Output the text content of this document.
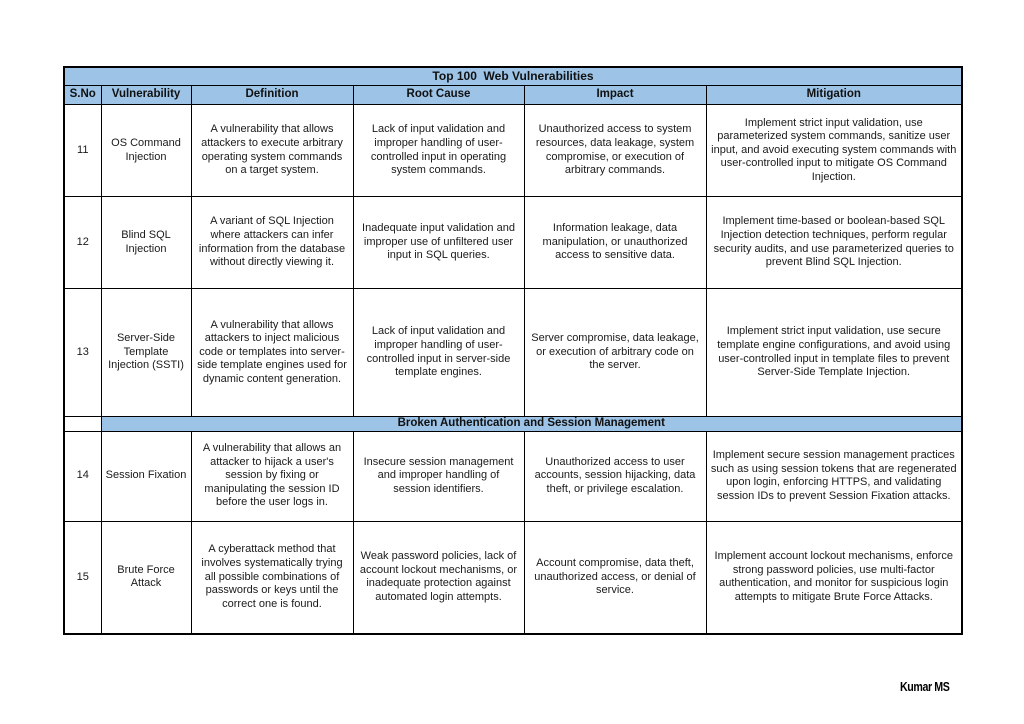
Top 100  Web Vulnerabilities					
S.No	Vulnerability	Definition	Root Cause	Impact	Mitigation
11	OS Command Injection	A vulnerability that allows attackers to execute arbitrary operating system commands on a target system.	Lack of input validation and improper handling of user-controlled input in operating system commands.	Unauthorized access to system resources, data leakage, system compromise, or execution of arbitrary commands.	Implement strict input validation, use parameterized system commands, sanitize user input, and avoid executing system commands with user-controlled input to mitigate OS Command Injection.
12	Blind SQL Injection	A variant of SQL Injection where attackers can infer information from the database without directly viewing it.	Inadequate input validation and improper use of unfiltered user input in SQL queries.	Information leakage, data manipulation, or unauthorized access to sensitive data.	Implement time-based or boolean-based SQL Injection detection techniques, perform regular security audits, and use parameterized queries to prevent Blind SQL Injection.
13	Server-Side Template Injection (SSTI)	A vulnerability that allows attackers to inject malicious code or templates into server-side template engines used for dynamic content generation.	Lack of input validation and improper handling of user-controlled input in server-side template engines.	Server compromise, data leakage, or execution of arbitrary code on the server.	Implement strict input validation, use secure template engine configurations, and avoid using user-controlled input in template files to prevent Server-Side Template Injection.
	Broken Authentication and Session Management				
14	Session Fixation	A vulnerability that allows an attacker to hijack a user's session by fixing or manipulating the session ID before the user logs in.	Insecure session management and improper handling of session identifiers.	Unauthorized access to user accounts, session hijacking, data theft, or privilege escalation.	Implement secure session management practices such as using session tokens that are regenerated upon login, enforcing HTTPS, and validating session IDs to prevent Session Fixation attacks.
15	Brute Force Attack	A cyberattack method that involves systematically trying all possible combinations of passwords or keys until the correct one is found.	Weak password policies, lack of account lockout mechanisms, or inadequate protection against automated login attempts.	Account compromise, data theft, unauthorized access, or denial of service.	Implement account lockout mechanisms, enforce strong password policies, use multi-factor authentication, and monitor for suspicious login attempts to mitigate Brute Force Attacks.
Kumar MS
